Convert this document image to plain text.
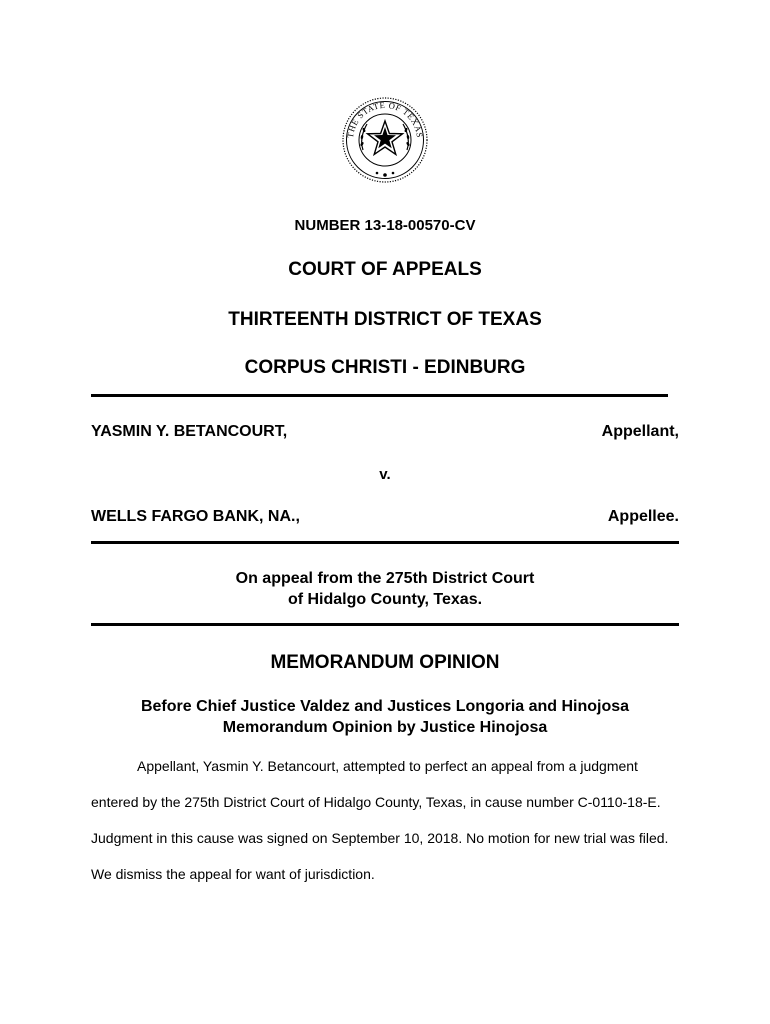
THE STATE OF TEXAS
NUMBER 13-18-00570-CV
COURT OF APPEALS
THIRTEENTH DISTRICT OF TEXAS
CORPUS CHRISTI - EDINBURG
YASMIN Y. BETANCOURT,	Appellant,
v.
WELLS FARGO BANK, NA.,	Appellee.
On appeal from the 275th District Court
of Hidalgo County, Texas.
MEMORANDUM OPINION
Before Chief Justice Valdez and Justices Longoria and Hinojosa
Memorandum Opinion by Justice Hinojosa

Appellant, Yasmin Y. Betancourt, attempted to perfect an appeal from a judgment entered by the 275th District Court of Hidalgo County, Texas, in cause number C-0110-18-E. Judgment in this cause was signed on September 10, 2018. No motion for new trial was filed. We dismiss the appeal for want of jurisdiction.
